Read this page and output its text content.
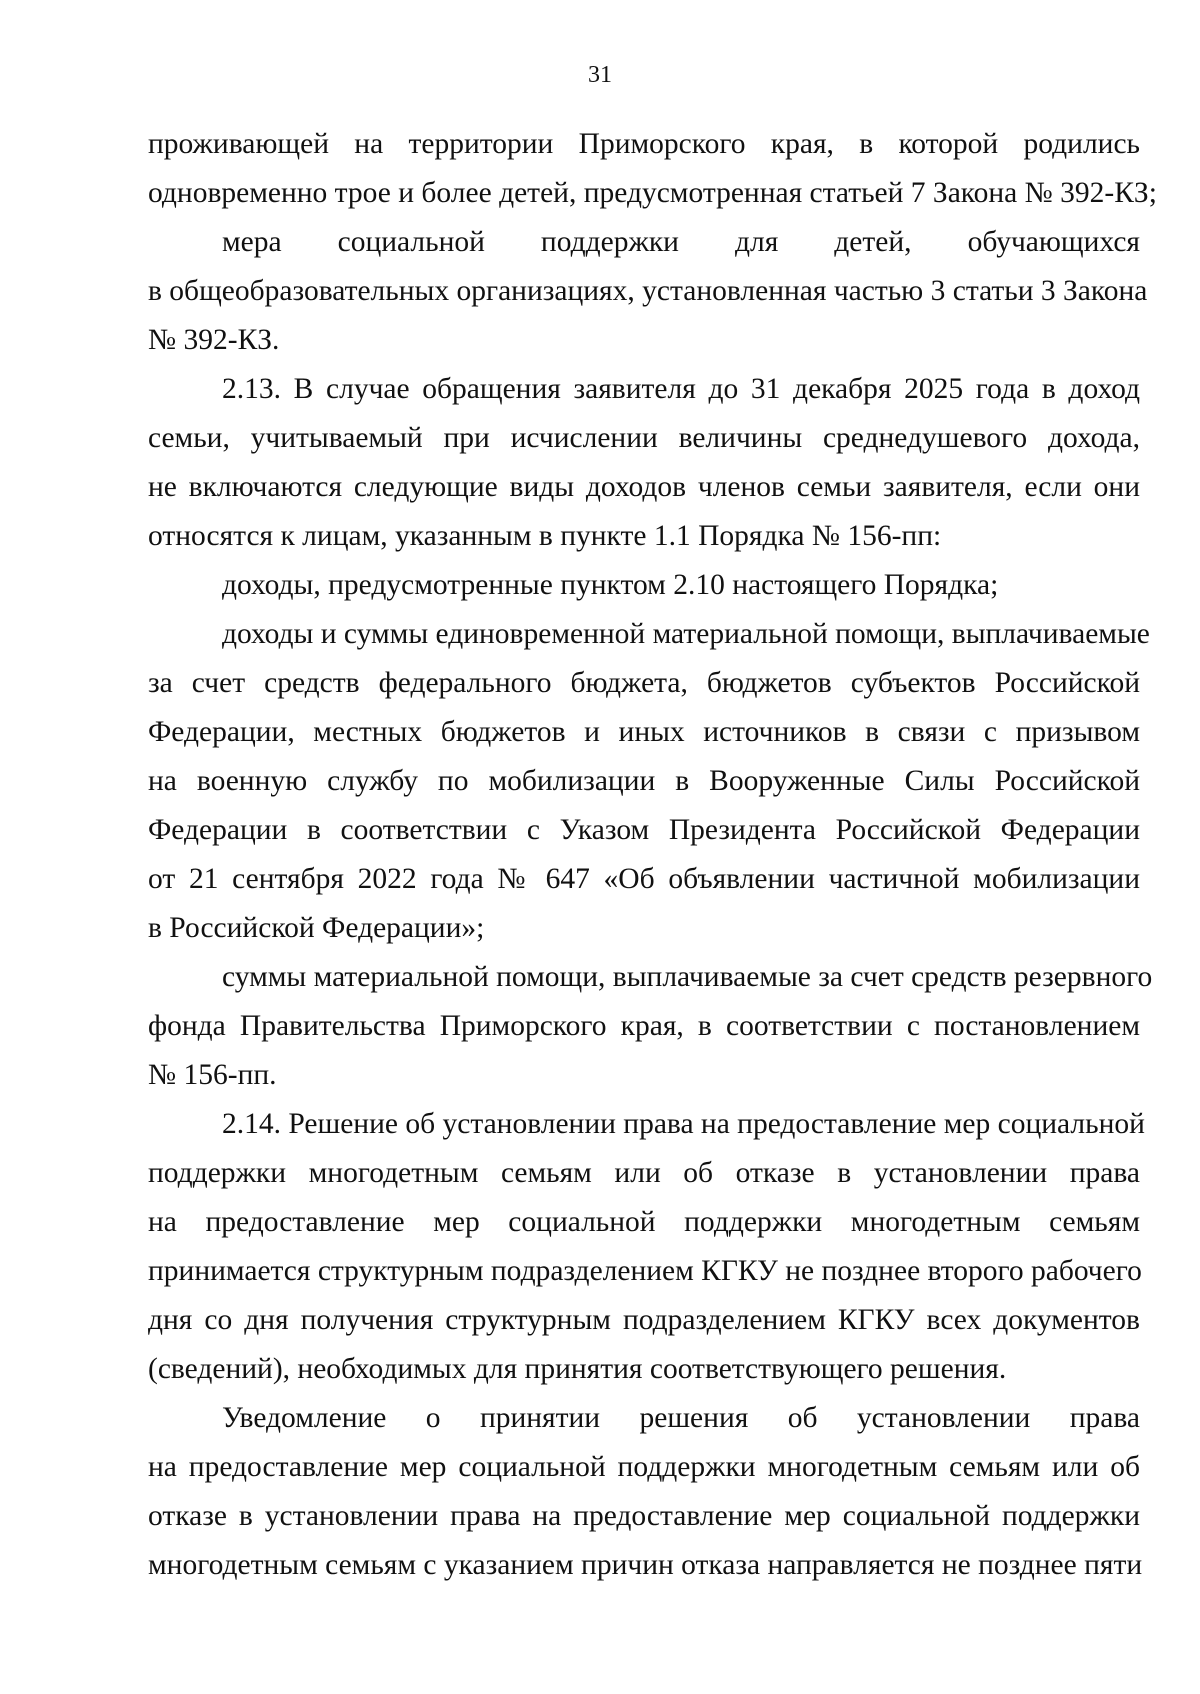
31
проживающей на территории Приморского края, в которой родились
одновременно трое и более детей, предусмотренная статьей 7 Закона № 392-КЗ;
мера социальной поддержки для детей, обучающихся
в общеобразовательных организациях, установленная частью 3 статьи 3 Закона
№ 392-КЗ.
2.13. В случае обращения заявителя до 31 декабря 2025 года в доход
семьи, учитываемый при исчислении величины среднедушевого дохода,
не включаются следующие виды доходов членов семьи заявителя, если они
относятся к лицам, указанным в пункте 1.1 Порядка № 156-пп:
доходы, предусмотренные пунктом 2.10 настоящего Порядка;
доходы и суммы единовременной материальной помощи, выплачиваемые
за счет средств федерального бюджета, бюджетов субъектов Российской
Федерации, местных бюджетов и иных источников в связи с призывом
на военную службу по мобилизации в Вооруженные Силы Российской
Федерации в соответствии с Указом Президента Российской Федерации
от 21 сентября 2022 года № 647 «Об объявлении частичной мобилизации
в Российской Федерации»;
суммы материальной помощи, выплачиваемые за счет средств резервного
фонда Правительства Приморского края, в соответствии с постановлением
№ 156-пп.
2.14. Решение об установлении права на предоставление мер социальной
поддержки многодетным семьям или об отказе в установлении права
на предоставление мер социальной поддержки многодетным семьям
принимается структурным подразделением КГКУ не позднее второго рабочего
дня со дня получения структурным подразделением КГКУ всех документов
(сведений), необходимых для принятия соответствующего решения.
Уведомление о принятии решения об установлении права
на предоставление мер социальной поддержки многодетным семьям или об
отказе в установлении права на предоставление мер социальной поддержки
многодетным семьям с указанием причин отказа направляется не позднее пяти
